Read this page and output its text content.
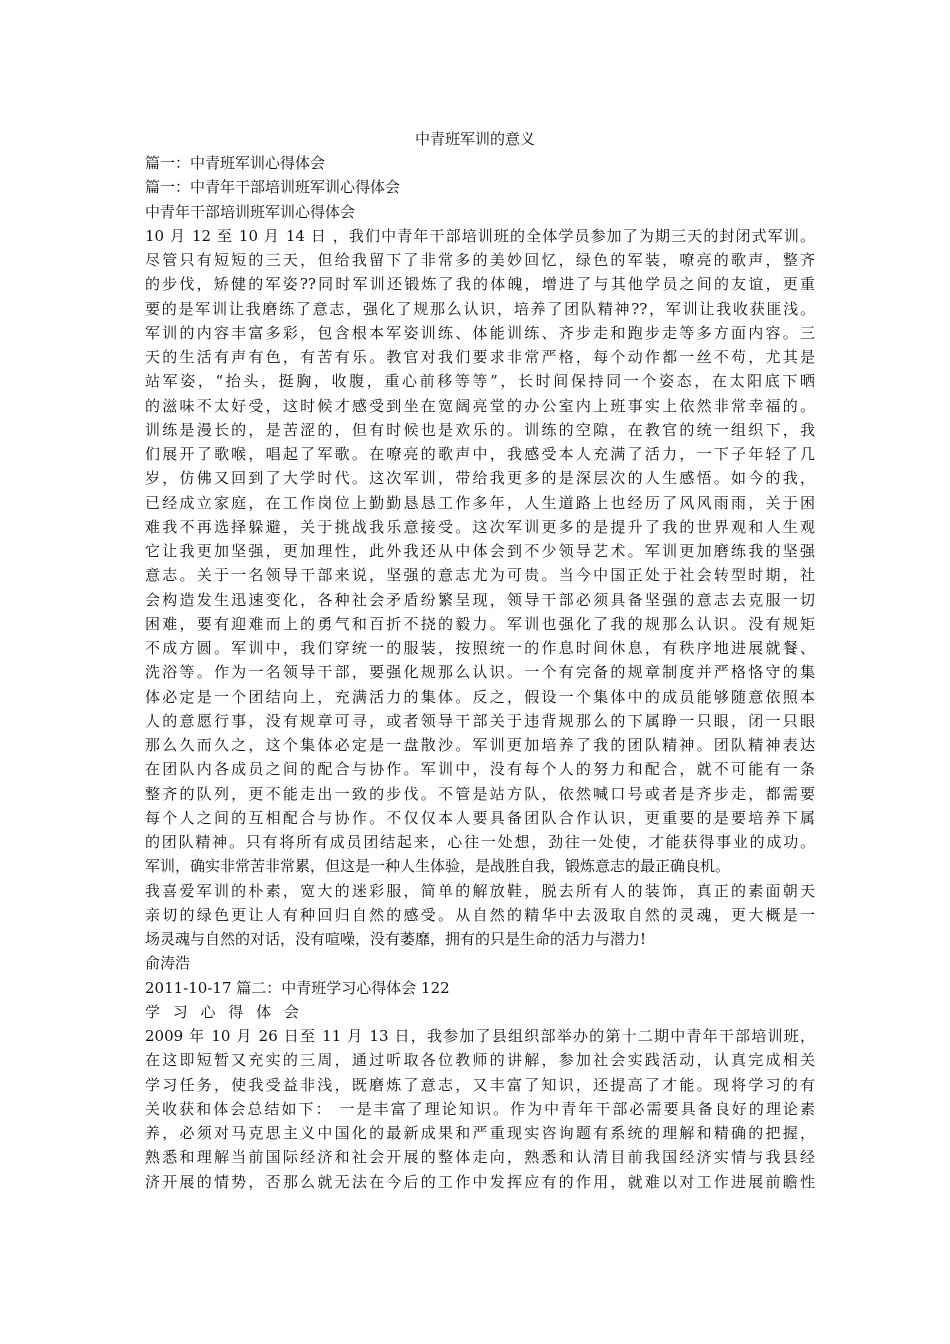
中青班军训的意义
篇一：中青班军训心得体会
篇一：中青年干部培训班军训心得体会
中青年干部培训班军训心得体会
10 月 12 至 10 月 14 日 ，我们中青年干部培训班的全体学员参加了为期三天的封闭式军训。
尽管只有短短的三天，但给我留下了非常多的美妙回忆，绿色的军装，嘹亮的歌声，整齐
的步伐，矫健的军姿??同时军训还锻炼了我的体魄，增进了与其他学员之间的友谊，更重
要的是军训让我磨练了意志，强化了规那么认识，培养了团队精神??，军训让我收获匪浅。
军训的内容丰富多彩，包含根本军姿训练、体能训练、齐步走和跑步走等多方面内容。三
天的生活有声有色，有苦有乐。教官对我们要求非常严格，每个动作都一丝不苟，尤其是
站军姿，“抬头，挺胸，收腹，重心前移等等”，长时间保持同一个姿态，在太阳底下晒
的滋味不太好受，这时候才感受到坐在宽阔亮堂的办公室内上班事实上依然非常幸福的。
训练是漫长的，是苦涩的，但有时候也是欢乐的。训练的空隙，在教官的统一组织下，我
们展开了歌喉，唱起了军歌。在嘹亮的歌声中，我感受本人充满了活力，一下子年轻了几
岁，仿佛又回到了大学时代。这次军训，带给我更多的是深层次的人生感悟。如今的我，
已经成立家庭，在工作岗位上勤勤恳恳工作多年，人生道路上也经历了风风雨雨，关于困
难我不再选择躲避，关于挑战我乐意接受。这次军训更多的是提升了我的世界观和人生观
它让我更加坚强，更加理性，此外我还从中体会到不少领导艺术。军训更加磨练我的坚强
意志。关于一名领导干部来说，坚强的意志尤为可贵。当今中国正处于社会转型时期，社
会构造发生迅速变化，各种社会矛盾纷繁呈现，领导干部必须具备坚强的意志去克服一切
困难，要有迎难而上的勇气和百折不挠的毅力。军训也强化了我的规那么认识。没有规矩
不成方圆。军训中，我们穿统一的服装，按照统一的作息时间休息，有秩序地进展就餐、
洗浴等。作为一名领导干部，要强化规那么认识。一个有完备的规章制度并严格恪守的集
体必定是一个团结向上，充满活力的集体。反之，假设一个集体中的成员能够随意依照本
人的意愿行事，没有规章可寻，或者领导干部关于违背规那么的下属睁一只眼，闭一只眼
那么久而久之，这个集体必定是一盘散沙。军训更加培养了我的团队精神。团队精神表达
在团队内各成员之间的配合与协作。军训中，没有每个人的努力和配合，就不可能有一条
整齐的队列，更不能走出一致的步伐。不管是站方队，依然喊口号或者是齐步走，都需要
每个人之间的互相配合与协作。不仅仅本人要具备团队合作认识，更重要的是要培养下属
的团队精神。只有将所有成员团结起来，心往一处想，劲往一处使，才能获得事业的成功。
军训，确实非常苦非常累，但这是一种人生体验，是战胜自我，锻炼意志的最正确良机。
我喜爱军训的朴素，宽大的迷彩服，简单的解放鞋，脱去所有人的装饰，真正的素面朝天
亲切的绿色更让人有种回归自然的感受。从自然的精华中去汲取自然的灵魂，更大概是一
场灵魂与自然的对话，没有喧噪，没有萎靡，拥有的只是生命的活力与潜力!
俞涛浩
2011-10-17 篇二：中青班学习心得体会 122
学 习 心 得 体 会
2009 年 10 月 26 日至 11 月 13 日，我参加了县组织部举办的第十二期中青年干部培训班，
在这即短暂又充实的三周，通过听取各位教师的讲解，参加社会实践活动，认真完成相关
学习任务，使我受益非浅，既磨炼了意志，又丰富了知识，还提高了才能。现将学习的有
关收获和体会总结如下： 一是丰富了理论知识。作为中青年干部必需要具备良好的理论素
养，必须对马克思主义中国化的最新成果和严重现实咨询题有系统的理解和精确的把握，
熟悉和理解当前国际经济和社会开展的整体走向，熟悉和认清目前我国经济实情与我县经
济开展的情势，否那么就无法在今后的工作中发挥应有的作用，就难以对工作进展前瞻性
